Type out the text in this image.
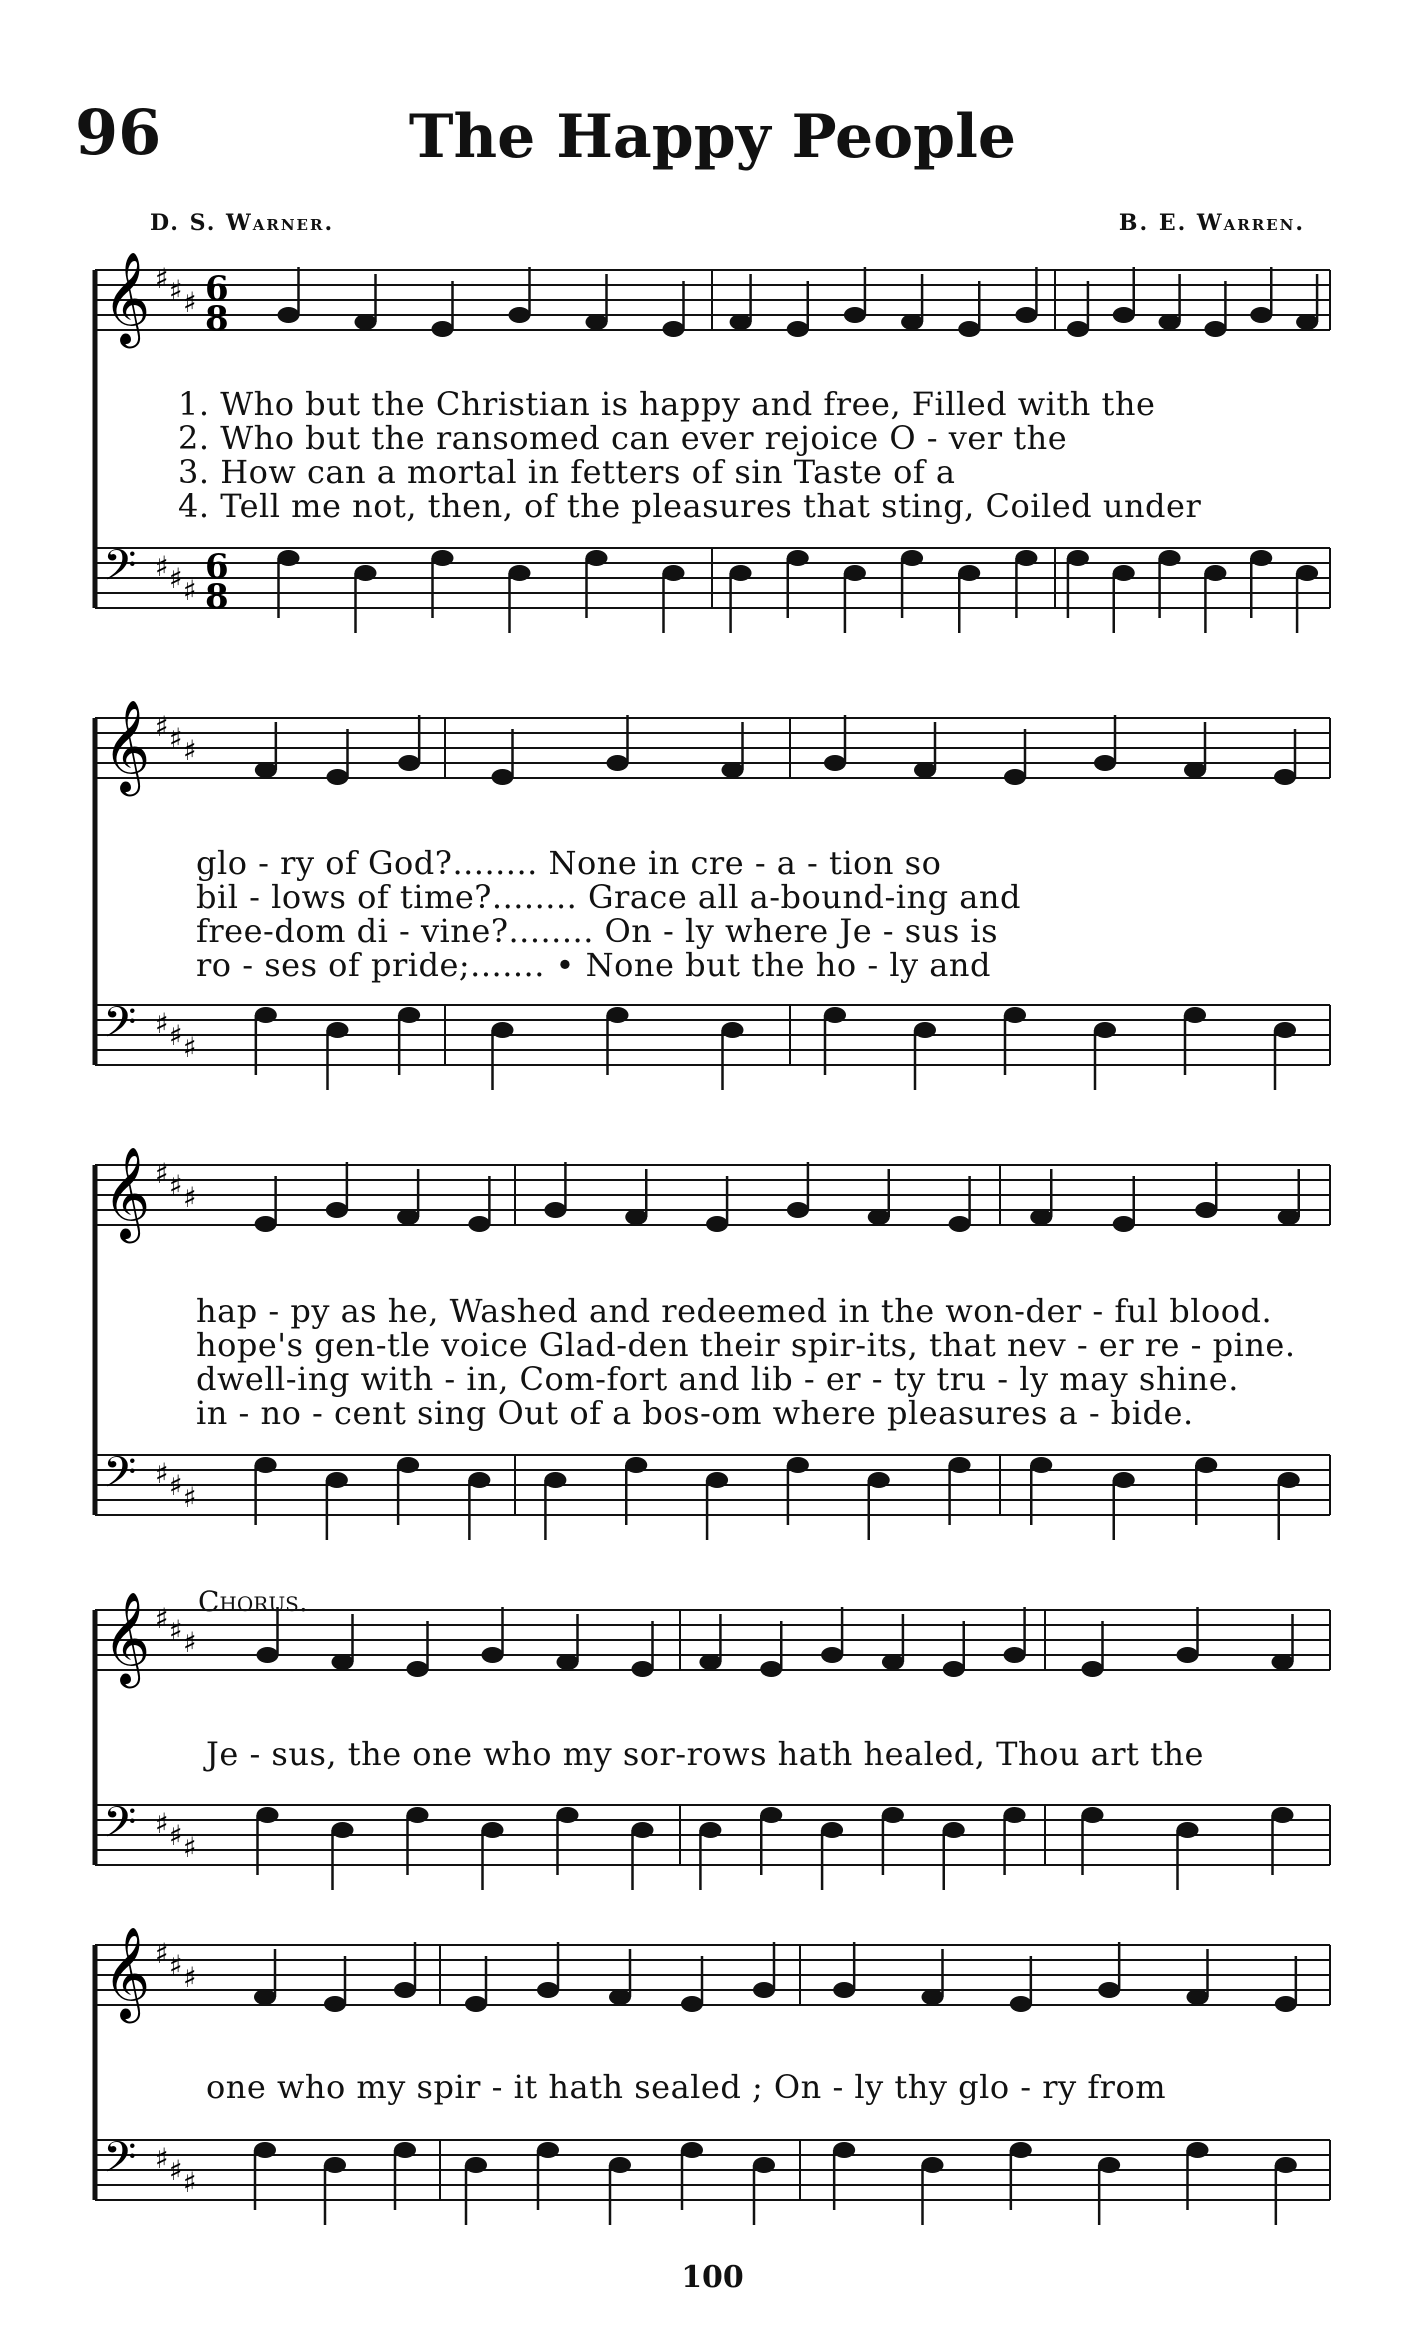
96	The Happy People
D. S. Warner.	B. E. Warren.
𝄞
𝄢
♯
♯
♯
♯
♯
♯
6
8
6
8
𝄞
𝄢
♯
♯
♯
♯
♯
♯
𝄞
𝄢
♯
♯
♯
♯
♯
♯
𝄞
𝄢
♯
♯
♯
♯
♯
♯
𝄞
𝄢
♯
♯
♯
♯
♯
♯
1. Who but the Christian is happy and free, Filled with the
2. Who but the ransomed can ever rejoice O - ver the
3. How can a mortal in fetters of sin Taste of a
4. Tell me not, then, of the pleasures that sting, Coiled under
glo - ry of God?........ None in cre - a - tion so
bil - lows of time?........ Grace all a-bound-ing and
free-dom di - vine?........ On - ly where Je - sus is
ro - ses of pride;....... • None but the ho - ly and
hap - py as he, Washed and redeemed in the won-der - ful blood.
hope's gen-tle voice Glad-den their spir-its, that nev - er re - pine.
dwell-ing with - in, Com-fort and lib - er - ty tru - ly may shine.
in - no - cent sing Out of a bos-om where pleasures a - bide.
Chorus.
Je - sus, the one who my sor-rows hath healed, Thou art the
one who my spir - it hath sealed ; On - ly thy glo - ry from
100
